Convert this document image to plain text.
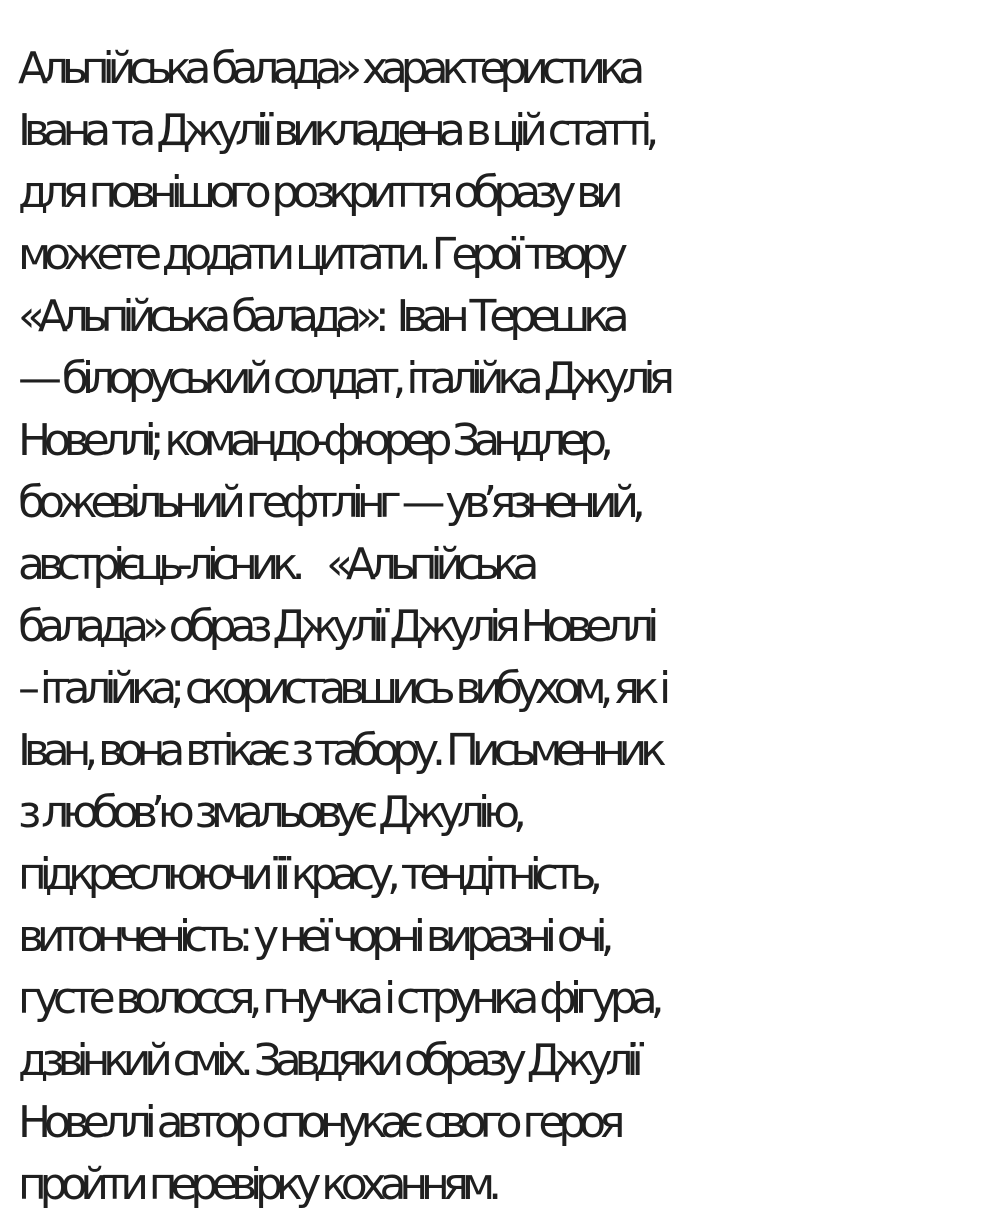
Альпійська балада» характеристика
Івана та Джулії викладена в цій статті,
для повнішого розкриття образу ви
можете додати цитати. Герої твору
«Альпійська балада»:  Іван Терешка
— білоруський солдат, італійка Джулія
Новеллі; командо-фюрер Зандлер,
божевільний гефтлінг — ув’язнений,
австрієць-лісник.    «Альпійська
балада» образ Джулії Джулія Новеллі
– італійка; скориставшись вибухом, як і
Іван, вона втікає з табору. Письменник
з любов’ю змальовує Джулію,
підкреслюючи її красу, тендітність,
витонченість: у неї чорні виразні очі,
густе волосся, гнучка і струнка фігура,
дзвінкий сміх. Завдяки образу Джулії
Новеллі автор спонукає свого героя
пройти перевірку коханням.
